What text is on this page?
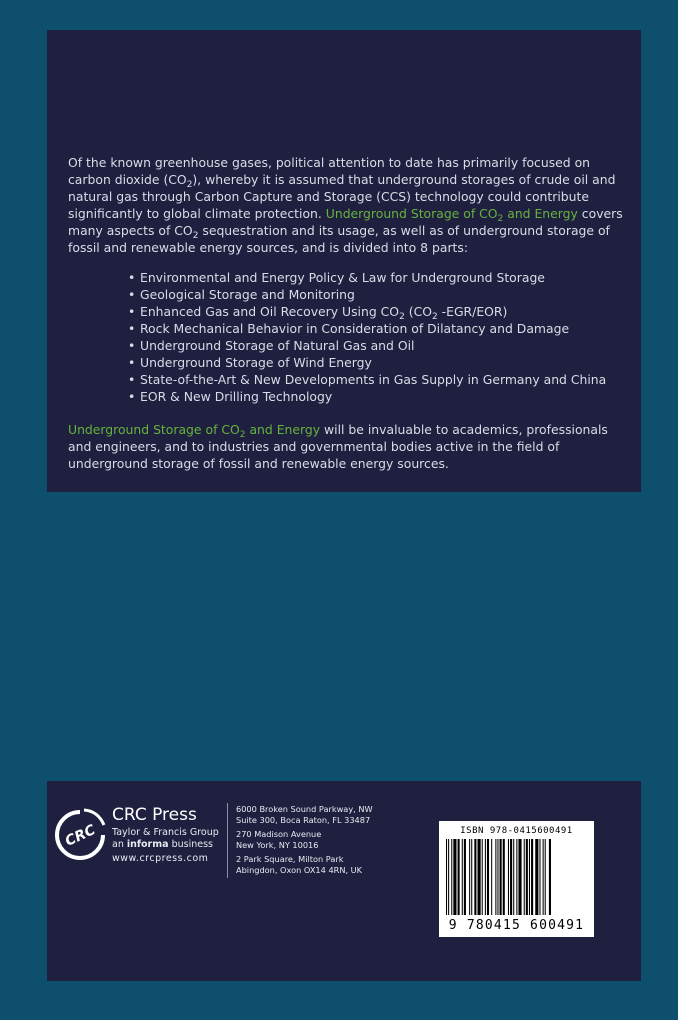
Of the known greenhouse gases, political attention to date has primarily focused on carbon dioxide $(CO_2)$, whereby it is assumed that underground storages of crude oil and natural gas through Carbon Capture and Storage (CCS) technology could contribute significantly to global climate protection. Underground Storage of $CO_2$ and Energy covers many aspects of $CO_2$ sequestration and its usage, as well as of underground storage of fossil and renewable energy sources, and is divided into 8 parts:

• Environmental and Energy Policy & Law for Underground Storage
• Geological Storage and Monitoring
• Enhanced Gas and Oil Recovery Using $CO_2$ ($CO_2$ -EGR/EOR)
• Rock Mechanical Behavior in Consideration of Dilatancy and Damage
• Underground Storage of Natural Gas and Oil
• Underground Storage of Wind Energy
• State-of-the-Art & New Developments in Gas Supply in Germany and China
• EOR & New Drilling Technology

Underground Storage of $CO_2$ and Energy will be invaluable to academics, professionals and engineers, and to industries and governmental bodies active in the field of underground storage of fossil and renewable energy sources.

CRC
CRC Press
Taylor & Francis Group
an informa business
www.crcpress.com
6000 Broken Sound Parkway, NW
Suite 300, Boca Raton, FL 33487
270 Madison Avenue
New York, NY 10016
2 Park Square, Milton Park
Abingdon, Oxon OX14 4RN, UK
ISBN 978-0415600491
9 780415 600491
